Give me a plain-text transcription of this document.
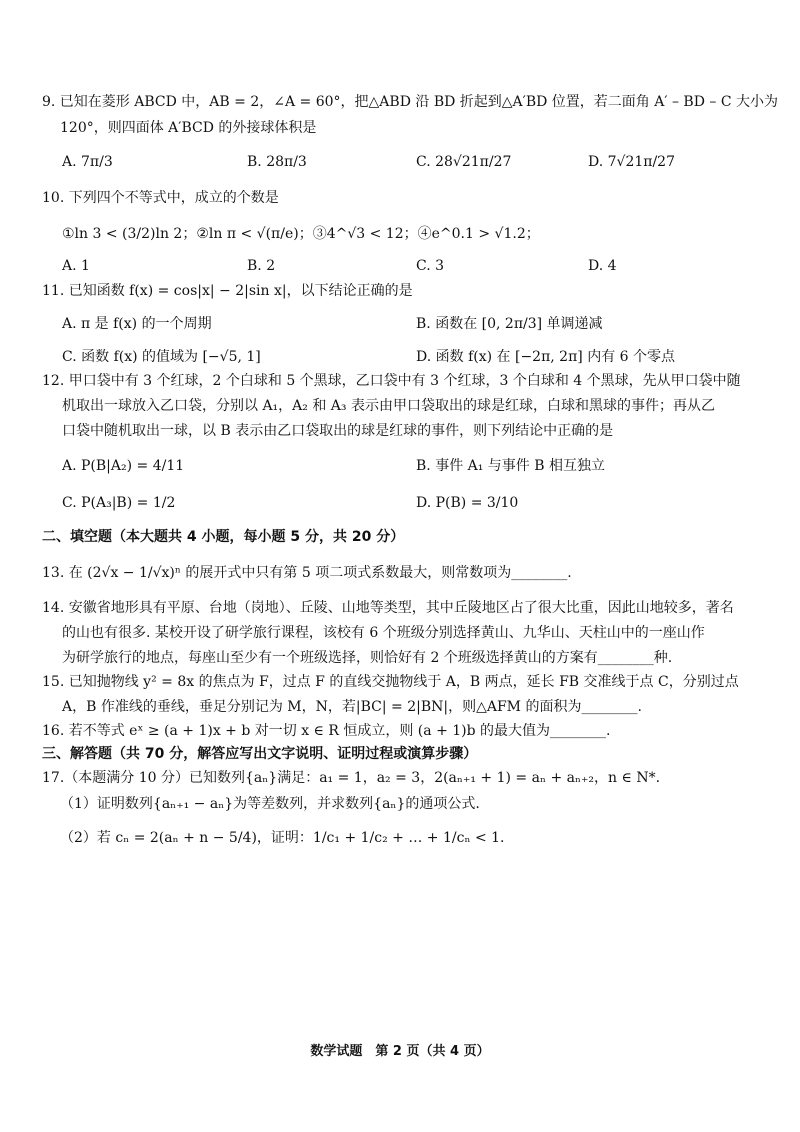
9. 已知在菱形 ABCD 中，AB = 2，∠A = 60°，把△ABD 沿 BD 折起到△A′BD 位置，若二面角 A′ – BD – C 大小为
120°，则四面体 A′BCD 的外接球体积是
A. 7π/3	B. 28π/3	C. 28√21π/27	D. 7√21π/27
10. 下列四个不等式中，成立的个数是
①ln 3 < (3/2)ln 2；②ln π < √(π/e)；③4^√3 < 12；④e^0.1 > √1.2；
A. 1	B. 2	C. 3	D. 4
11. 已知函数 f(x) = cos|x| − 2|sin x|，以下结论正确的是
A. π 是 f(x) 的一个周期	B. 函数在 [0, 2π/3] 单调递减
C. 函数 f(x) 的值域为 [−√5, 1]	D. 函数 f(x) 在 [−2π, 2π] 内有 6 个零点
12. 甲口袋中有 3 个红球，2 个白球和 5 个黑球，乙口袋中有 3 个红球，3 个白球和 4 个黑球，先从甲口袋中随
机取出一球放入乙口袋，分别以 A₁，A₂ 和 A₃ 表示由甲口袋取出的球是红球，白球和黑球的事件；再从乙
口袋中随机取出一球，以 B 表示由乙口袋取出的球是红球的事件，则下列结论中正确的是
A. P(B|A₂) = 4/11	B. 事件 A₁ 与事件 B 相互独立
C. P(A₃|B) = 1/2	D. P(B) = 3/10
二、填空题（本大题共 4 小题，每小题 5 分，共 20 分）
13. 在 (2√x − 1/√x)ⁿ 的展开式中只有第 5 项二项式系数最大，则常数项为________.
14. 安徽省地形具有平原、台地（岗地）、丘陵、山地等类型，其中丘陵地区占了很大比重，因此山地较多，著名
的山也有很多. 某校开设了研学旅行课程，该校有 6 个班级分别选择黄山、九华山、天柱山中的一座山作
为研学旅行的地点，每座山至少有一个班级选择，则恰好有 2 个班级选择黄山的方案有________种.
15. 已知抛物线 y² = 8x 的焦点为 F，过点 F 的直线交抛物线于 A，B 两点，延长 FB 交准线于点 C，分别过点
A，B 作准线的垂线，垂足分别记为 M，N，若|BC| = 2|BN|，则△AFM 的面积为________.
16. 若不等式 eˣ ≥ (a + 1)x + b 对一切 x ∈ R 恒成立，则 (a + 1)b 的最大值为________.
三、解答题（共 70 分，解答应写出文字说明、证明过程或演算步骤）
17.（本题满分 10 分）已知数列{aₙ}满足：a₁ = 1，a₂ = 3，2(aₙ₊₁ + 1) = aₙ + aₙ₊₂，n ∈ N*.
（1）证明数列{aₙ₊₁ − aₙ}为等差数列，并求数列{aₙ}的通项公式.
（2）若 cₙ = 2(aₙ + n − 5/4)，证明：1/c₁ + 1/c₂ + … + 1/cₙ < 1.
数学试题　第 2 页（共 4 页）
